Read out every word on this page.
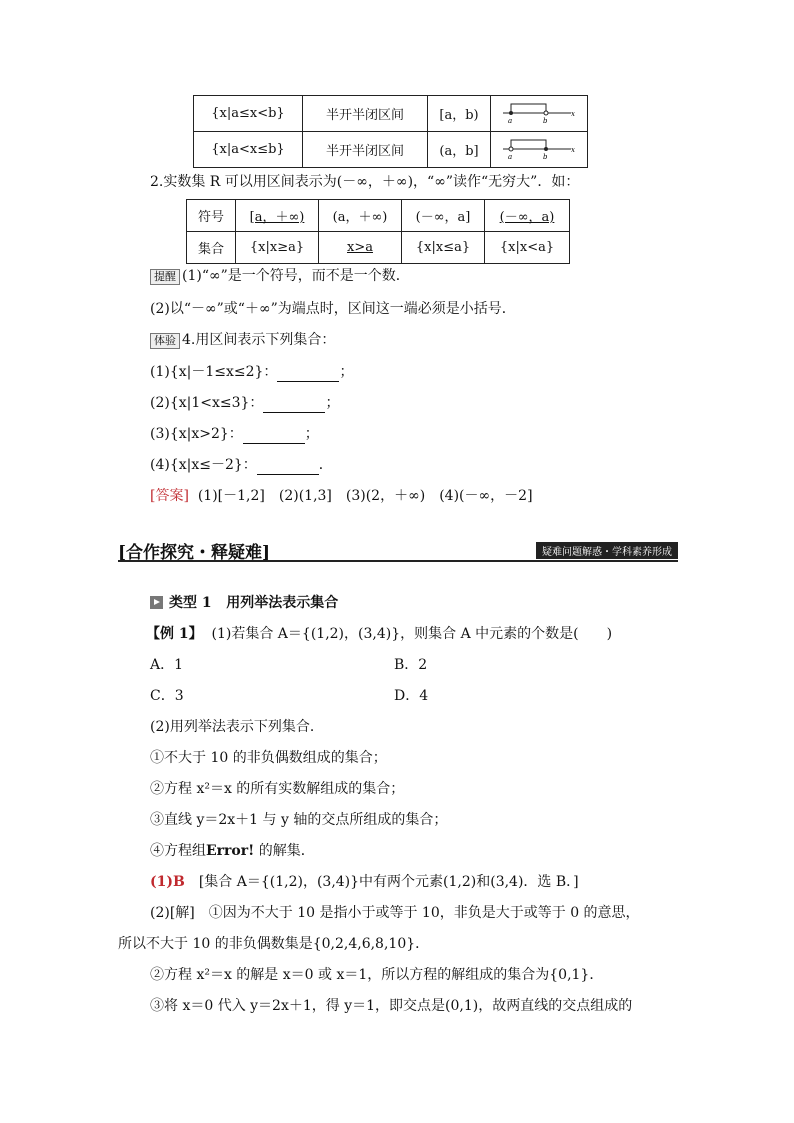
{x|a≤x<b}	半开半闭区间	[a，b)	a b
x

{x|a<x≤b}	半开半闭区间	(a，b]	a b
x
2.实数集 R 可以用区间表示为(－∞，＋∞)，“∞”读作“无穷大”．如：
符号	[a，＋∞)	(a，＋∞)	(－∞，a]	(－∞，a)
集合	{x|x≥a}	x>a	{x|x≤a}	{x|x<a}
提醒 (1)“∞”是一个符号，而不是一个数．
(2)以“－∞”或“＋∞”为端点时，区间这一端必须是小括号．
体验 4.用区间表示下列集合：
(1){x|－1≤x≤2}：	；
(2){x|1<x≤3}：	；
(3){x|x>2}：	；
(4){x|x≤－2}：	．
[答案] (1)[－1,2]　(2)(1,3]　(3)(2，＋∞)　(4)(－∞，－2]
[合作探究・释疑难]	疑难问题解惑・学科素养形成
类型 1 用列举法表示集合
【例 1】 (1)若集合 A＝{(1,2)，(3,4)}，则集合 A 中元素的个数是(　　)
A．1	B．2
C．3	D．4
(2)用列举法表示下列集合．
①不大于 10 的非负偶数组成的集合；
②方程 x²＝x 的所有实数解组成的集合；
③直线 y＝2x＋1 与 y 轴的交点所组成的集合；
④方程组Error! 的解集．
(1)B　[集合 A＝{(1,2)，(3,4)}中有两个元素(1,2)和(3,4)．选 B．]
(2)[解]　①因为不大于 10 是指小于或等于 10，非负是大于或等于 0 的意思，
所以不大于 10 的非负偶数集是{0,2,4,6,8,10}．
②方程 x²＝x 的解是 x＝0 或 x＝1，所以方程的解组成的集合为{0,1}．
③将 x＝0 代入 y＝2x＋1，得 y＝1，即交点是(0,1)，故两直线的交点组成的
